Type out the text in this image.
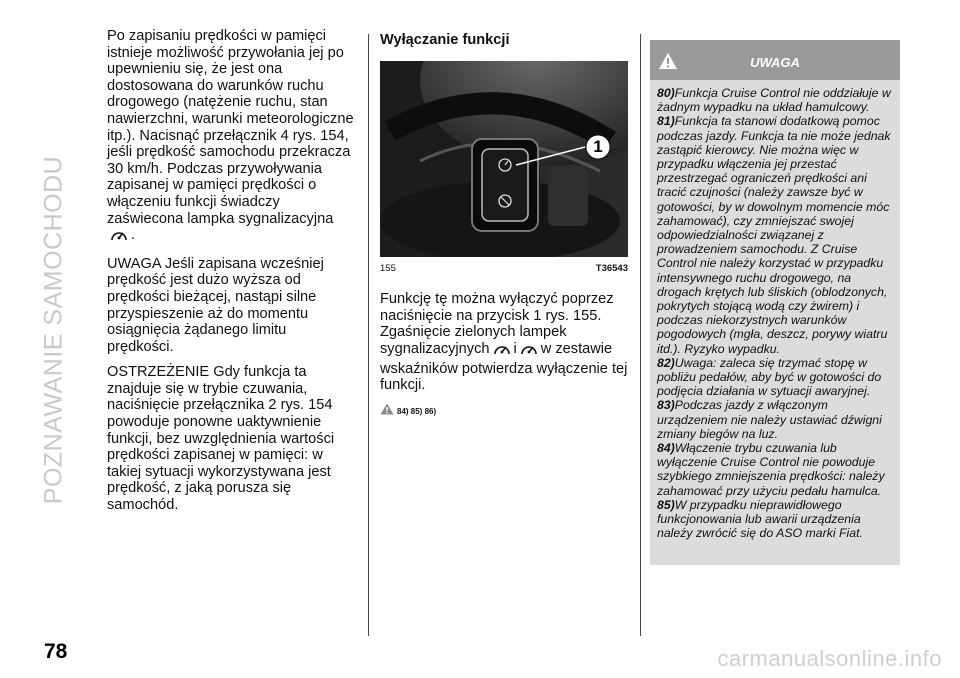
POZNAWANIE SAMOCHODU
78	carmanualsonline.info

Po zapisaniu prędkości w pamięci istnieje możliwość przywołania jej po upewnieniu się, że jest ona dostosowana do warunków ruchu drogowego (natężenie ruchu, stan nawierzchni, warunki meteorologiczne itp.). Nacisnąć przełącznik 4 rys. 154, jeśli prędkość samochodu przekracza 30 km/h. Podczas przywoływania zapisanej w pamięci prędkości o włączeniu funkcji świadczy zaświecona lampka sygnalizacyjna.

UWAGA Jeśli zapisana wcześniej prędkość jest dużo wyższa od prędkości bieżącej, nastąpi silne przyspieszenie aż do momentu osiągnięcia żądanego limitu prędkości.

OSTRZEŻENIE Gdy funkcja ta znajduje się w trybie czuwania, naciśnięcie przełącznika 2 rys. 154 powoduje ponowne uaktywnienie funkcji, bez uwzględnienia wartości prędkości zapisanej w pamięci: w takiej sytuacji wykorzystywana jest prędkość, z jaką porusza się samochód.

Wyłączanie funkcji
1
155	T36543

Funkcję tę można wyłączyć poprzez naciśnięcie na przycisk 1 rys. 155. Zgaśnięcie zielonych lampek sygnalizacyjnych i w zestawie wskaźników potwierdza wyłączenie tej funkcji.

84) 85) 86)
UWAGA
80)Funkcja Cruise Control nie oddziałuje w żadnym wypadku na układ hamulcowy.
81)Funkcja ta stanowi dodatkową pomoc podczas jazdy. Funkcja ta nie może jednak zastąpić kierowcy. Nie można więc w przypadku włączenia jej przestać przestrzegać ograniczeń prędkości ani tracić czujności (należy zawsze być w gotowości, by w dowolnym momencie móc zahamować), czy zmniejszać swojej odpowiedzialności związanej z prowadzeniem samochodu. Z Cruise Control nie należy korzystać w przypadku intensywnego ruchu drogowego, na drogach krętych lub śliskich (oblodzonych, pokrytych stojącą wodą czy żwirem) i podczas niekorzystnych warunków pogodowych (mgła, deszcz, porywy wiatru itd.). Ryzyko wypadku.
82)Uwaga: zaleca się trzymać stopę w pobliżu pedałów, aby być w gotowości do podjęcia działania w sytuacji awaryjnej.
83)Podczas jazdy z włączonym urządzeniem nie należy ustawiać dźwigni zmiany biegów na luz.
84)Włączenie trybu czuwania lub wyłączenie Cruise Control nie powoduje szybkiego zmniejszenia prędkości: należy zahamować przy użyciu pedału hamulca.
85)W przypadku nieprawidłowego funkcjonowania lub awarii urządzenia należy zwrócić się do ASO marki Fiat.
